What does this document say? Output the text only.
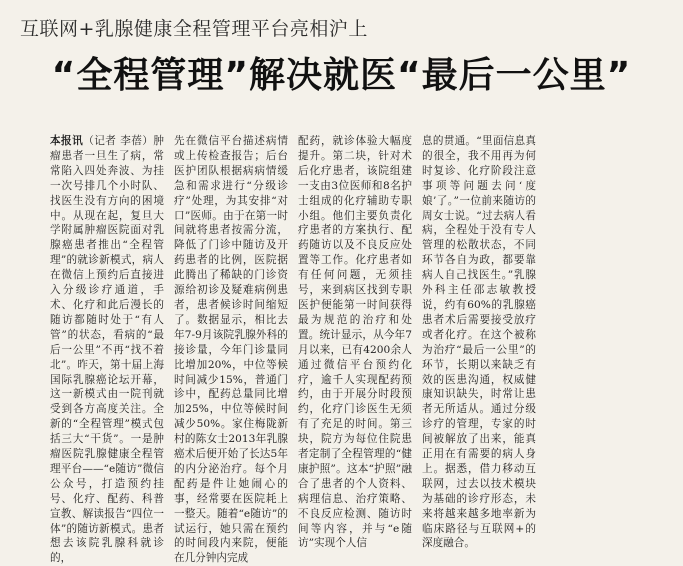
互联网+乳腺健康全程管理平台亮相沪上
“全程管理”解决就医“最后一公里”

本报讯（记者 李蓓）肿瘤患者一旦生了病，常常陷入四处奔波、为挂一次号排几个小时队、找医生没有方向的困境中。从现在起，复旦大学附属肿瘤医院面对乳腺癌患者推出“全程管理”的就诊新模式，病人在微信上预约后直接进入分级诊疗通道，手术、化疗和此后漫长的随访都随时处于“有人管”的状态，看病的“最后一公里”不再“找不着北”。昨天，第十届上海国际乳腺癌论坛开幕，这一新模式由一院刊就受到各方高度关注。全新的“全程管理”模式包括三大“干货”。一是肿瘤医院乳腺健康全程管理平台——“e随访”微信公众号，打造预约挂号、化疗、配药、科普宣教、解读报告“四位一体”的随访新模式。患者想去该院乳腺科就诊的，

先在微信平台描述病情或上传检查报告；后台医护团队根据病病情缓急和需求进行“分级诊疗”处理，为其安排“对口”医师。由于在第一时间就将患者按需分流，降低了门诊中随访及开药患者的比例，医院据此腾出了稀缺的门诊资源给初诊及疑难病例患者，患者候诊时间缩短了。数据显示，相比去年7-9月该院乳腺外科的接诊量，今年门诊量同比增加20%，中位等候时间减少15%，普通门诊中，配药总量同比增加25%，中位等候时间减少50%。家住梅陇新村的陈女士2013年乳腺癌术后便开始了长达5年的内分泌治疗。每个月配药是件让她闹心的事，经常要在医院耗上一整天。随着“e随访”的试运行，她只需在预约的时间段内来院，便能在几分钟内完成

配药，就诊体验大幅度提升。第二块，针对术后化疗患者，该院组建一支由3位医师和8名护士组成的化疗辅助专职小组。他们主要负责化疗患者的方案执行、配药随访以及不良反应处置等工作。化疗患者如有任何问题，无须挂号，来到病区找到专职医护便能第一时间获得最为规范的治疗和处置。统计显示，从今年7月以来，已有4200余人通过微信平台预约化疗，逾千人实现配药预约，由于开展分时段预约，化疗门诊医生无须有了充足的时间。第三块，院方为每位住院患者定制了全程管理的“健康护照”。这本“护照”融合了患者的个人资料、病理信息、治疗策略、不良反应检测、随访时间等内容，并与“e随访”实现个人信

息的贯通。“里面信息真的很全，我不用再为何时复诊、化疗阶段注意事项等问题去问‘度娘’了。”一位前来随访的周女士说。“过去病人看病，全程处于没有专人管理的松散状态，不同环节各自为政，都要靠病人自己找医生。”乳腺外科主任邵志敏教授说，约有60%的乳腺癌患者术后需要接受放疗或者化疗。在这个被称为治疗“最后一公里”的环节，长期以来缺乏有效的医患沟通，权威健康知识缺失，时常让患者无所适从。通过分级诊疗的管理，专家的时间被解放了出来，能真正用在有需要的病人身上。据悉，借力移动互联网，过去以技术模块为基础的诊疗形态，未来将越来越多地率新为临床路径与互联网+的深度融合。
